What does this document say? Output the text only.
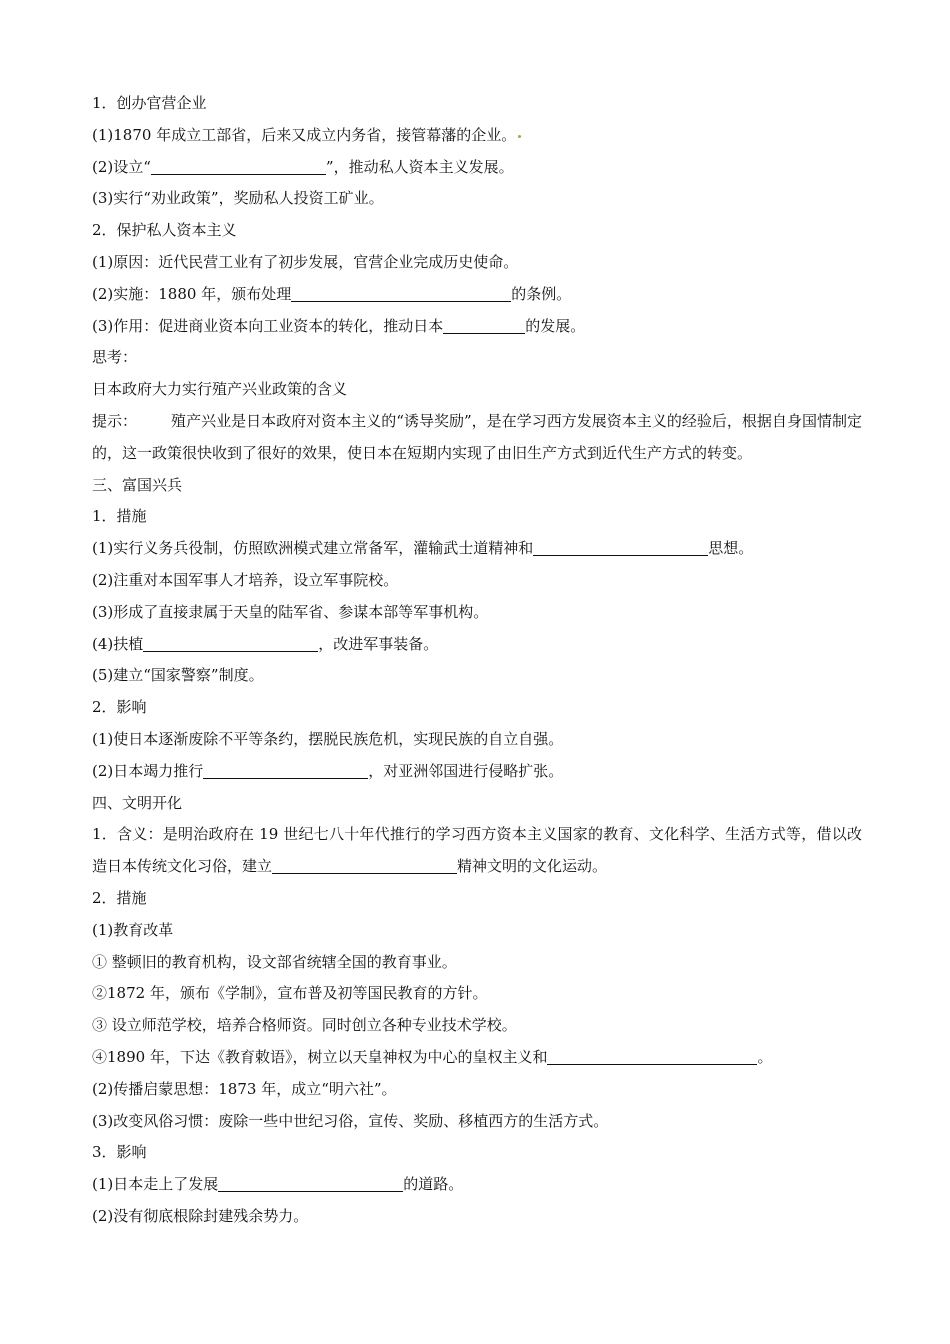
1．创办官营企业
(1)1870 年成立工部省，后来又成立内务省，接管幕藩的企业。
(2)设立“	”，推动私人资本主义发展。
(3)实行“劝业政策”，奖励私人投资工矿业。
2．保护私人资本主义
(1)原因：近代民营工业有了初步发展，官营企业完成历史使命。
(2)实施：1880 年，颁布处理	的条例。
(3)作用：促进商业资本向工业资本的转化，推动日本	的发展。
思考：
日本政府大力实行殖产兴业政策的含义
提示： 殖产兴业是日本政府对资本主义的“诱导奖励”，是在学习西方发展资本主义的经验后，根据自身国情制定的，这一政策很快收到了很好的效果，使日本在短期内实现了由旧生产方式到近代生产方式的转变。
三、富国兴兵
1．措施
(1)实行义务兵役制，仿照欧洲模式建立常备军，灌输武士道精神和	思想。
(2)注重对本国军事人才培养，设立军事院校。
(3)形成了直接隶属于天皇的陆军省、参谋本部等军事机构。
(4)扶植	，改进军事装备。
(5)建立“国家警察”制度。
2．影响
(1)使日本逐渐废除不平等条约，摆脱民族危机，实现民族的自立自强。
(2)日本竭力推行	，对亚洲邻国进行侵略扩张。
四、文明开化
1．含义：是明治政府在 19 世纪七八十年代推行的学习西方资本主义国家的教育、文化科学、生活方式等，借以改造日本传统文化习俗，建立	精神文明的文化运动。
2．措施
(1)教育改革
① 整顿旧的教育机构，设文部省统辖全国的教育事业。
②1872 年，颁布《学制》，宣布普及初等国民教育的方针。
③ 设立师范学校，培养合格师资。同时创立各种专业技术学校。
④1890 年，下达《教育敕语》，树立以天皇神权为中心的皇权主义和	。
(2)传播启蒙思想：1873 年，成立“明六社”。
(3)改变风俗习惯：废除一些中世纪习俗，宣传、奖励、移植西方的生活方式。
3．影响
(1)日本走上了发展	的道路。
(2)没有彻底根除封建残余势力。
